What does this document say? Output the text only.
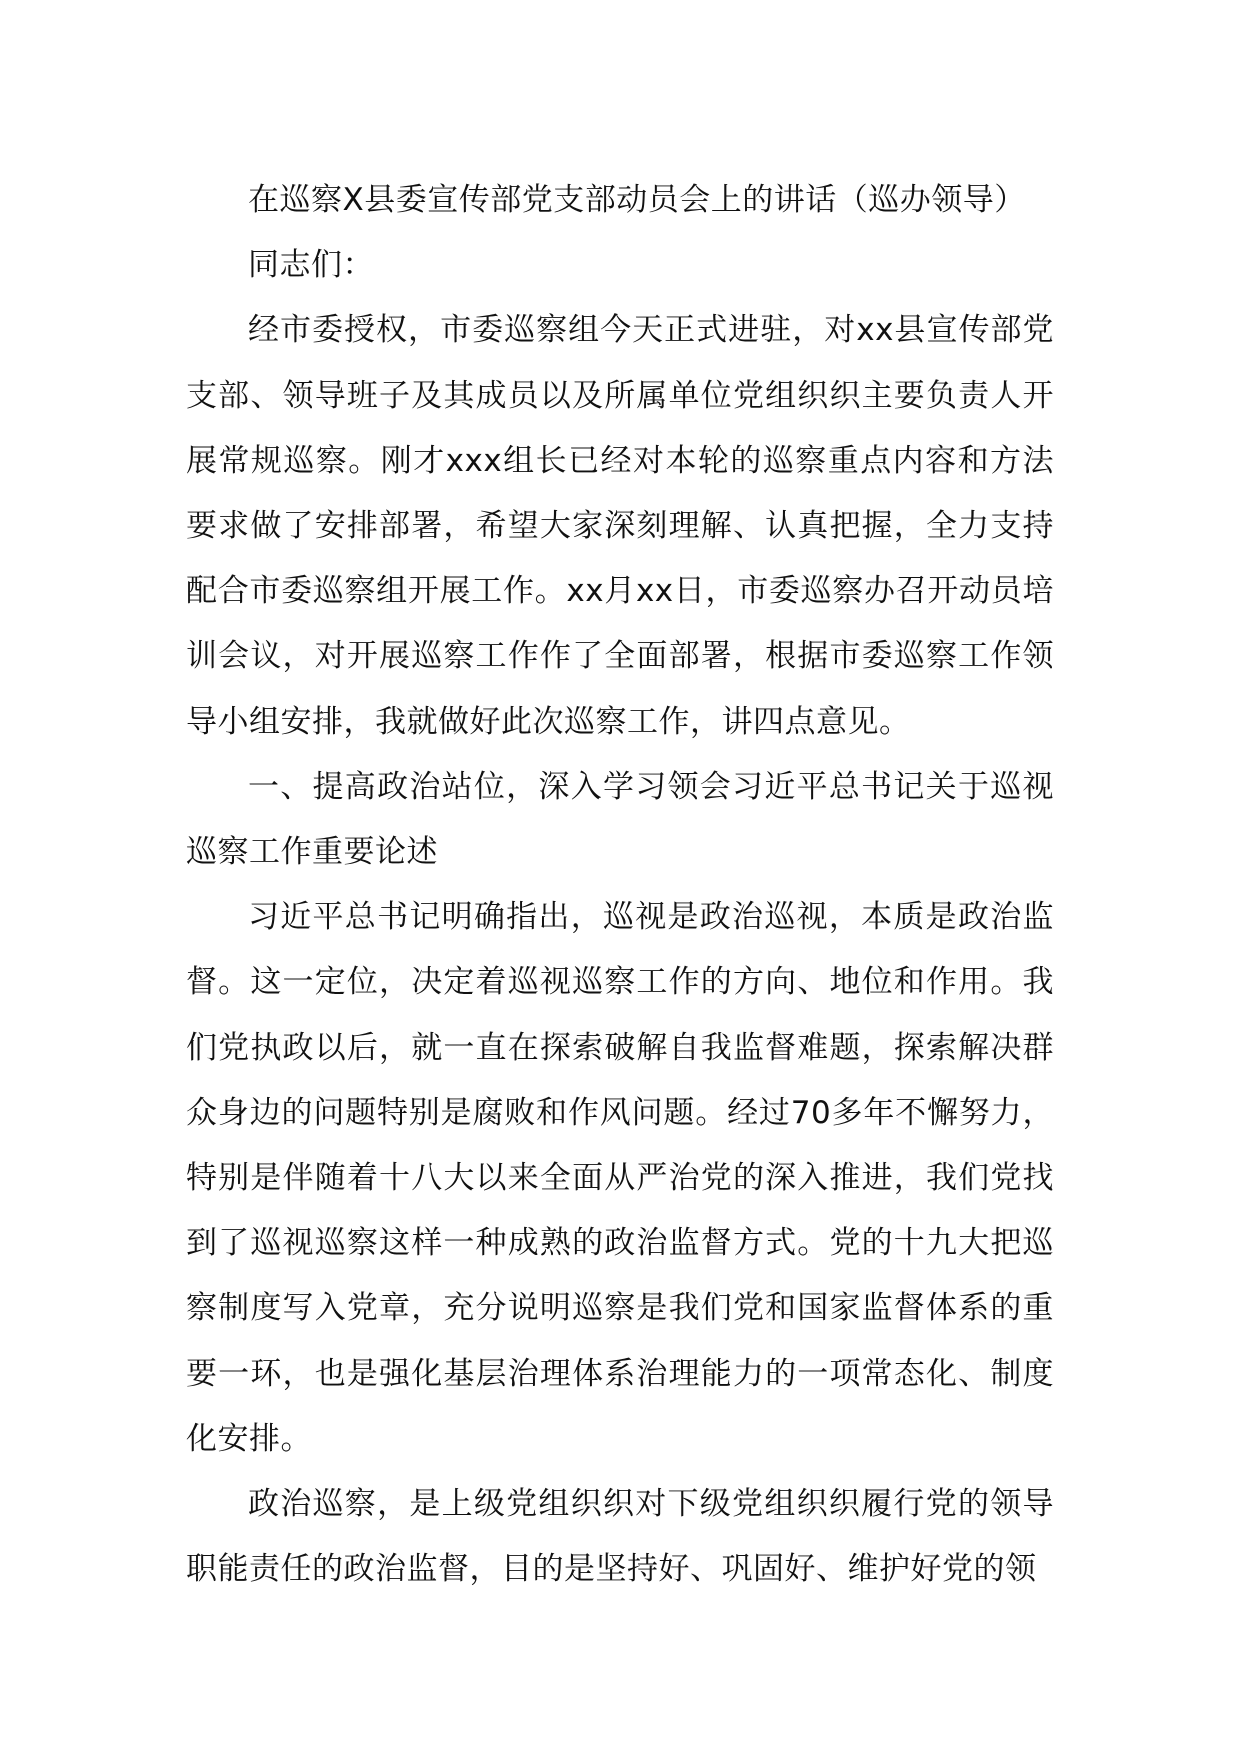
在巡察X县委宣传部党支部动员会上的讲话（巡办领导）

同志们：

经市委授权，市委巡察组今天正式进驻，对xx县宣传部党支部、领导班子及其成员以及所属单位党组织织主要负责人开展常规巡察。刚才xxx组长已经对本轮的巡察重点内容和方法要求做了安排部署，希望大家深刻理解、认真把握，全力支持配合市委巡察组开展工作。xx月xx日，市委巡察办召开动员培训会议，对开展巡察工作作了全面部署，根据市委巡察工作领导小组安排，我就做好此次巡察工作，讲四点意见。

一、提高政治站位，深入学习领会习近平总书记关于巡视巡察工作重要论述

习近平总书记明确指出，巡视是政治巡视，本质是政治监督。这一定位，决定着巡视巡察工作的方向、地位和作用。我们党执政以后，就一直在探索破解自我监督难题，探索解决群众身边的问题特别是腐败和作风问题。经过70多年不懈努力，特别是伴随着十八大以来全面从严治党的深入推进，我们党找到了巡视巡察这样一种成熟的政治监督方式。党的十九大把巡察制度写入党章，充分说明巡察是我们党和国家监督体系的重要一环，也是强化基层治理体系治理能力的一项常态化、制度化安排。

政治巡察，是上级党组织织对下级党组织织履行党的领导职能责任的政治监督，目的是坚持好、巩固好、维护好党的领
